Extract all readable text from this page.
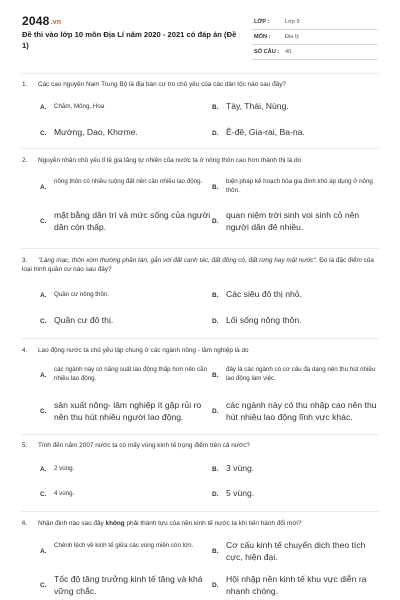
2048.vn
Đề thi vào lớp 10 môn Địa Lí năm 2020 - 2021 có đáp án (Đề 1)
LỚP :	Lớp 9
MÔN :	Địa lý
SỐ CÂU : 40
1. Các cao nguyên Nam Trung Bộ là địa bàn cư trú chủ yếu của các dân tộc nào sau đây?
A. Chăm, Mông, Hoa	B. Tày, Thái, Nùng.
C. Mường, Dao, Khơme.	D. Ê-đê, Gia-rai, Ba-na.
2. Nguyên nhân chủ yếu tỉ lệ gia tăng tự nhiên của nước ta ở nông thôn cao hơn thành thị là do
A.
nông thôn có nhiều ruộng đất nên cần nhiều lao động.
B.
biện pháp kế hoạch hóa gia đình khó áp dụng ở nông thôn.
C.
mặt bằng dân trí và mức sống của người dân còn thấp.	D.
quan niệm trời sinh voi sinh cỏ nên người dân đẻ nhiều.
3. "Làng mạc, thôn xóm thường phân tán, gắn với đất canh tác, đất đồng cỏ, đất rừng hay mặt nước". Đó là đặc điểm của loại hình quần cư nào sau đây?
A. Quần cư nông thôn.	B. Các siêu đô thị nhỏ.
C. Quần cư đô thị.	D. Lối sống nông thôn.
4. Lao động nước ta chủ yếu tập chung ở các ngành nông - lâm nghiệp là do
A.
các ngành này có năng suất lao động thấp hơn nên cần nhiều lao động.	B.
đây là các ngành có cơ cấu đa dạng nên thu hút nhiều lao động làm việc.
C.
sản xuất nông- lâm nghiệp ít gặp rủi ro nên thu hút nhiều người lao động.	D.
các ngành này có thu nhập cao nên thu hút nhiều lao động lĩnh vực khác.
5. Tính đến năm 2007 nước ta có mấy vùng kinh tế trọng điểm trên cả nước?
A. 2 vùng.	B. 3 vùng.
C. 4 vùng.	D. 5 vùng.
6. Nhận định nào sau đây không phải thành tựu của nền kinh tế nước ta khi tiến hành đổi mới?
A.
Chênh lệch về kinh tế giữa các vùng miền còn lớn.
B.
Cơ cấu kinh tế chuyển dịch theo tích cực, hiện đại.
C.
Tốc độ tăng trưởng kinh tế tăng và khá vững chắc.	D.
Hội nhập nền kinh tế khu vực diễn ra nhanh chóng.
